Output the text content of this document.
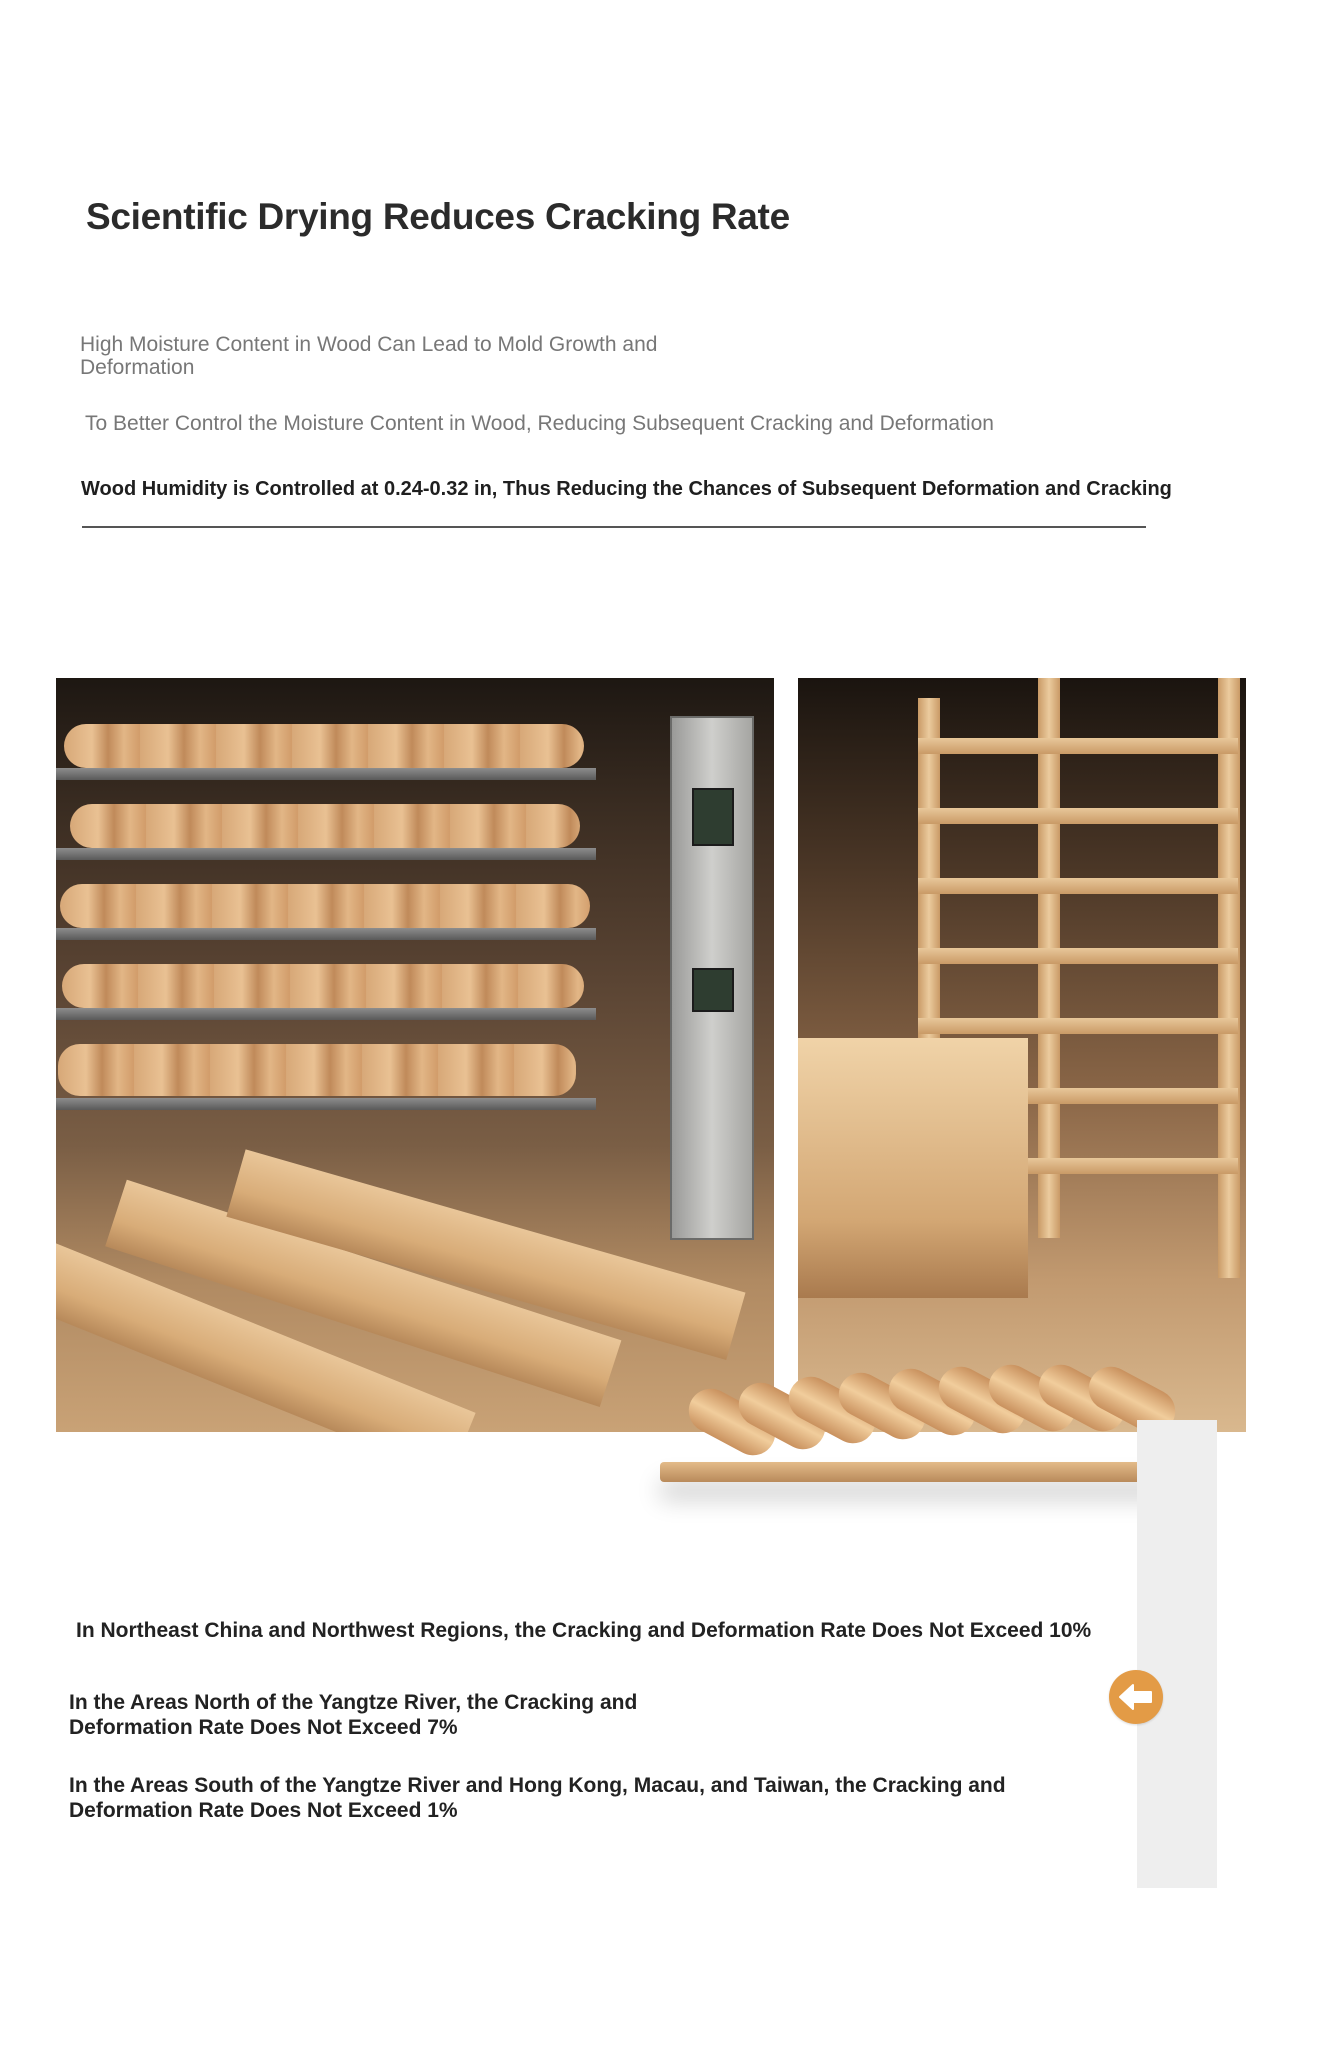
Scientific Drying Reduces Cracking Rate
High Moisture Content in Wood Can Lead to Mold Growth and Deformation
To Better Control the Moisture Content in Wood, Reducing Subsequent Cracking and Deformation
Wood Humidity is Controlled at 0.24-0.32 in, Thus Reducing the Chances of Subsequent Deformation and Cracking
In Northeast China and Northwest Regions, the Cracking and Deformation Rate Does Not Exceed 10%
In the Areas North of the Yangtze River, the Cracking and Deformation Rate Does Not Exceed 7%
In the Areas South of the Yangtze River and Hong Kong, Macau, and Taiwan, the Cracking and Deformation Rate Does Not Exceed 1%
